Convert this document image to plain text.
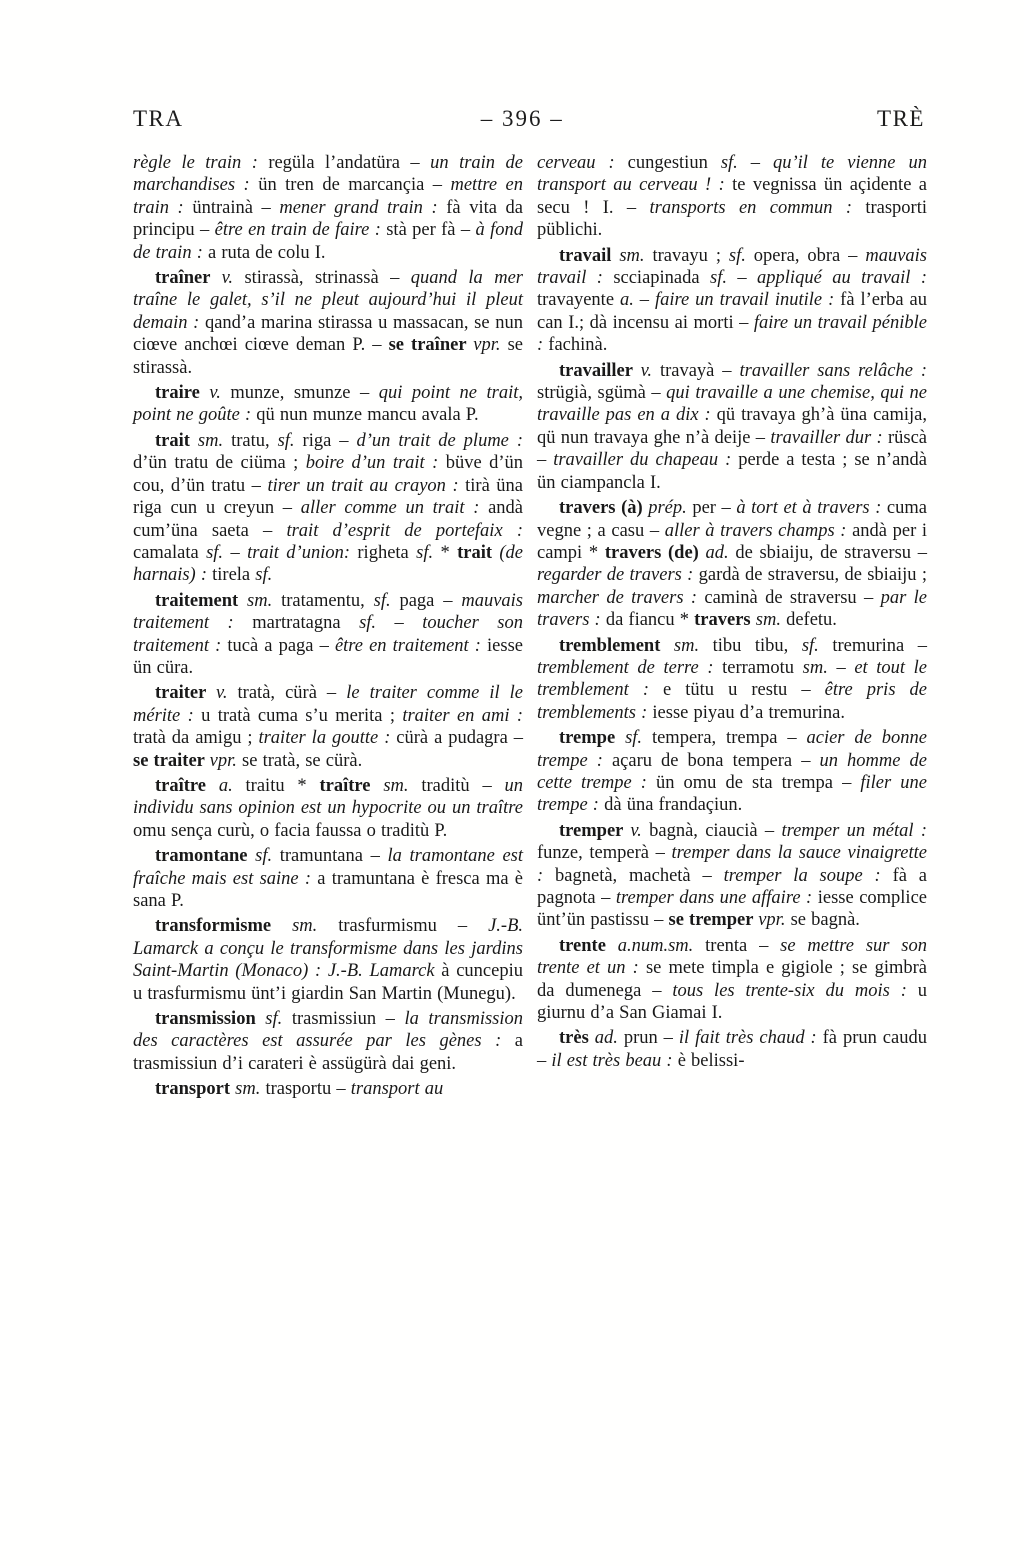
TRA	– 396 –	TRÈ

règle le train : regüla l’andatüra – un train de marchandises : ün tren de marcançia – mettre en train : üntrainà – mener grand train : fà vita da principu – être en train de faire : stà per fà – à fond de train : a ruta de colu I.

traîner v. stirassà, strinassà – quand la mer traîne le galet, s’il ne pleut aujourd’hui il pleut demain : qand’a marina stirassa u massacan, se nun ciœve anchœi ciœve deman P. – se traîner vpr. se stirassà.

traire v. munze, smunze – qui point ne trait, point ne goûte : qü nun munze mancu avala P.

trait sm. tratu, sf. riga – d’un trait de plume : d’ün tratu de ciüma ; boire d’un trait : büve d’ün cou, d’ün tratu – tirer un trait au crayon : tirà üna riga cun u creyun – aller comme un trait : andà cum’üna saeta – trait d’esprit de portefaix : camalata sf. – trait d’union: righeta sf. * trait (de harnais) : tirela sf.

traitement sm. tratamentu, sf. paga – mauvais traitement : martratagna sf. – toucher son traitement : tucà a paga – être en traitement : iesse ün cüra.

traiter v. tratà, cürà – le traiter comme il le mérite : u tratà cuma s’u merita ; traiter en ami : tratà da amigu ; traiter la goutte : cürà a pudagra – se traiter vpr. se tratà, se cürà.

traître a. traitu * traître sm. traditù – un individu sans opinion est un hypocrite ou un traître omu sença curù, o facia faussa o traditù P.

tramontane sf. tramuntana – la tramontane est fraîche mais est saine : a tramuntana è fresca ma è sana P.

transformisme sm. trasfurmismu – J.-B. Lamarck a conçu le transformisme dans les jardins Saint-Martin (Monaco) : J.-B. Lamarck à cuncepiu u trasfurmismu ünt’i giardin San Martin (Munegu).

transmission sf. trasmissiun – la transmission des caractères est assurée par les gènes : a trasmissiun d’i carateri è assügürà dai geni.

transport sm. trasportu – transport au

cerveau : cungestiun sf. – qu’il te vienne un transport au cerveau ! : te vegnissa ün açidente a secu ! I. – transports en commun : trasporti püblichi.

travail sm. travayu ; sf. opera, obra – mauvais travail : scciapinada sf. – appliqué au travail : travayente a. – faire un travail inutile : fà l’erba au can I.; dà incensu ai morti – faire un travail pénible : fachinà.

travailler v. travayà – travailler sans relâche : strügià, sgümà – qui travaille a une chemise, qui ne travaille pas en a dix : qü travaya gh’à üna camija, qü nun travaya ghe n’à deije – travailler dur : rüscà – travailler du chapeau : perde a testa ; se n’andà ün ciampancla I.

travers (à) prép. per – à tort et à travers : cuma vegne ; a casu – aller à travers champs : andà per i campi * travers (de) ad. de sbiaiju, de straversu – regarder de travers : gardà de straversu, de sbiaiju ; marcher de travers : caminà de straversu – par le travers : da fiancu * travers sm. defetu.

tremblement sm. tibu tibu, sf. tremurina – tremblement de terre : terramotu sm. – et tout le tremblement : e tütu u restu – être pris de tremblements : iesse piyau d’a tremurina.

trempe sf. tempera, trempa – acier de bonne trempe : açaru de bona tempera – un homme de cette trempe : ün omu de sta trempa – filer une trempe : dà üna frandaçiun.

tremper v. bagnà, ciaucià – tremper un métal : funze, temperà – tremper dans la sauce vinaigrette : bagnetà, machetà – tremper la soupe : fà a pagnota – tremper dans une affaire : iesse complice ünt’ün pastissu – se tremper vpr. se bagnà.

trente a.num.sm. trenta – se mettre sur son trente et un : se mete timpla e gigiole ; se gimbrà da dumenega – tous les trente-six du mois : u giurnu d’a San Giamai I.

très ad. prun – il fait très chaud : fà prun caudu – il est très beau : è belissi-
